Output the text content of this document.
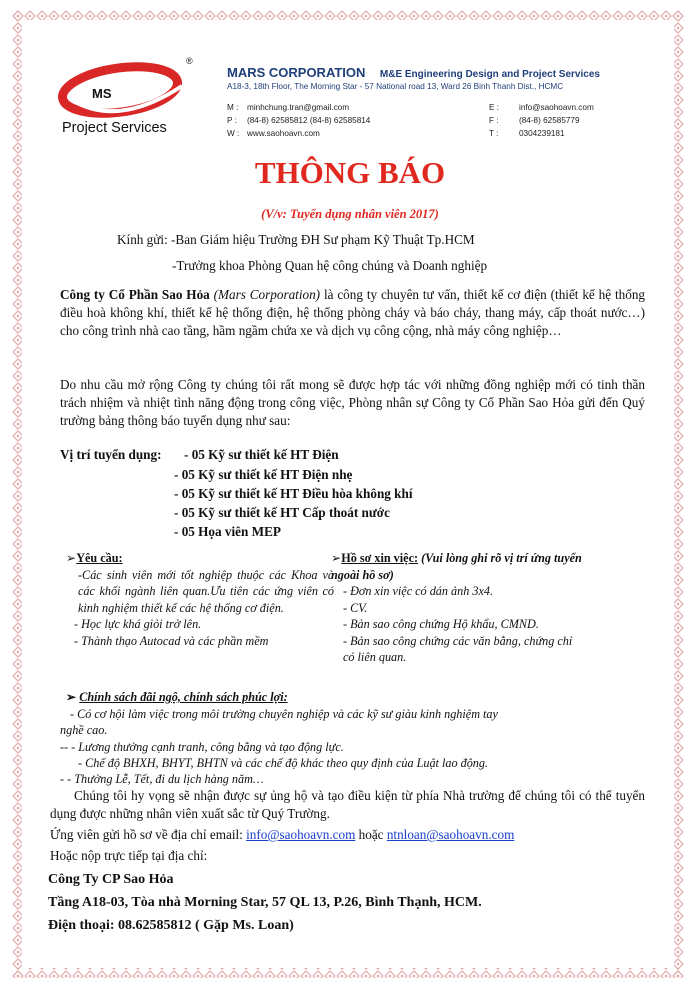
MS
®
Project Services
MARS CORPORATION M&E Engineering Design and Project Services
A18-3, 18th Floor, The Morning Star - 57 National road 13, Ward 26 Binh Thanh Dist., HCMC
M : minhchung.tran@gmail.com
P : (84-8) 62585812 (84-8) 62585814
W : www.saohoavn.com
E : info@saohoavn.com
F : (84-8) 62585779
T :	0304239181
THÔNG BÁO
(V/v: Tuyển dụng nhân viên 2017)
Kính gửi: -Ban Giám hiệu Trường ĐH Sư phạm Kỹ Thuật Tp.HCM
-Trưởng khoa Phòng Quan hệ công chúng và Doanh nghiệp
Công ty Cổ Phần Sao Hỏa (Mars Corporation) là công ty chuyên tư vấn, thiết kế cơ điện (thiết kế hệ thống điều hoà không khí, thiết kế hệ thống điện, hệ thống phòng cháy và báo cháy, thang máy, cấp thoát nước…) cho công trình nhà cao tầng, hầm ngầm chứa xe và dịch vụ công cộng, nhà máy công nghiệp…
Do nhu cầu mở rộng Công ty chúng tôi rất mong sẽ được hợp tác với những đồng nghiệp mới có tinh thần trách nhiệm và nhiệt tình năng động trong công việc, Phòng nhân sự Công ty Cổ Phần Sao Hỏa gửi đến Quý trường bảng thông báo tuyển dụng như sau:
Vị trí tuyển dụng: - 05 Kỹ sư thiết kế HT Điện
- 05 Kỹ sư thiết kế HT Điện nhẹ
- 05 Kỹ sư thiết kế HT Điều hòa không khí
- 05 Kỹ sư thiết kế HT Cấp thoát nước
- 05 Họa viên MEP
➢Yêu cầu:
-Các sinh viên mới tốt nghiệp thuộc các Khoa và các khối ngành liên quan.Ưu tiên các ứng viên có kinh nghiệm thiết kế các hệ thống cơ điện.
- Học lực khá giỏi trở lên.
- Thành thạo Autocad và các phần mềm
➢Hồ sơ xin việc: (Vui lòng ghi rõ vị trí ứng tuyển ngoài hồ sơ)
- Đơn xin việc có dán ảnh 3x4.
- CV.
- Bản sao công chứng Hộ khẩu, CMND.
- Bản sao công chứng các văn bằng, chứng chỉ có liên quan.
➢ Chính sách đãi ngộ, chính sách phúc lợi:
- Có cơ hội làm việc trong môi trường chuyên nghiệp và các kỹ sư giàu kinh nghiệm tay
nghề cao.
-- - Lương thưởng cạnh tranh, công bằng và tạo động lực.
- Chế độ BHXH, BHYT, BHTN và các chế độ khác theo quy định của Luật lao động.
- - Thưởng Lễ, Tết, đi du lịch hàng năm…
Chúng tôi hy vọng sẽ nhận được sự ủng hộ và tạo điều kiện từ phía Nhà trường để chúng tôi có thể tuyển dụng được những nhân viên xuất sắc từ Quý Trường.
Ứng viên gửi hồ sơ về địa chỉ email: info@saohoavn.com hoặc ntnloan@saohoavn.com
Hoặc nộp trực tiếp tại địa chỉ:
Công Ty CP Sao Hỏa
Tầng A18-03, Tòa nhà Morning Star, 57 QL 13, P.26, Bình Thạnh, HCM.
Điện thoại: 08.62585812 ( Gặp Ms. Loan)
